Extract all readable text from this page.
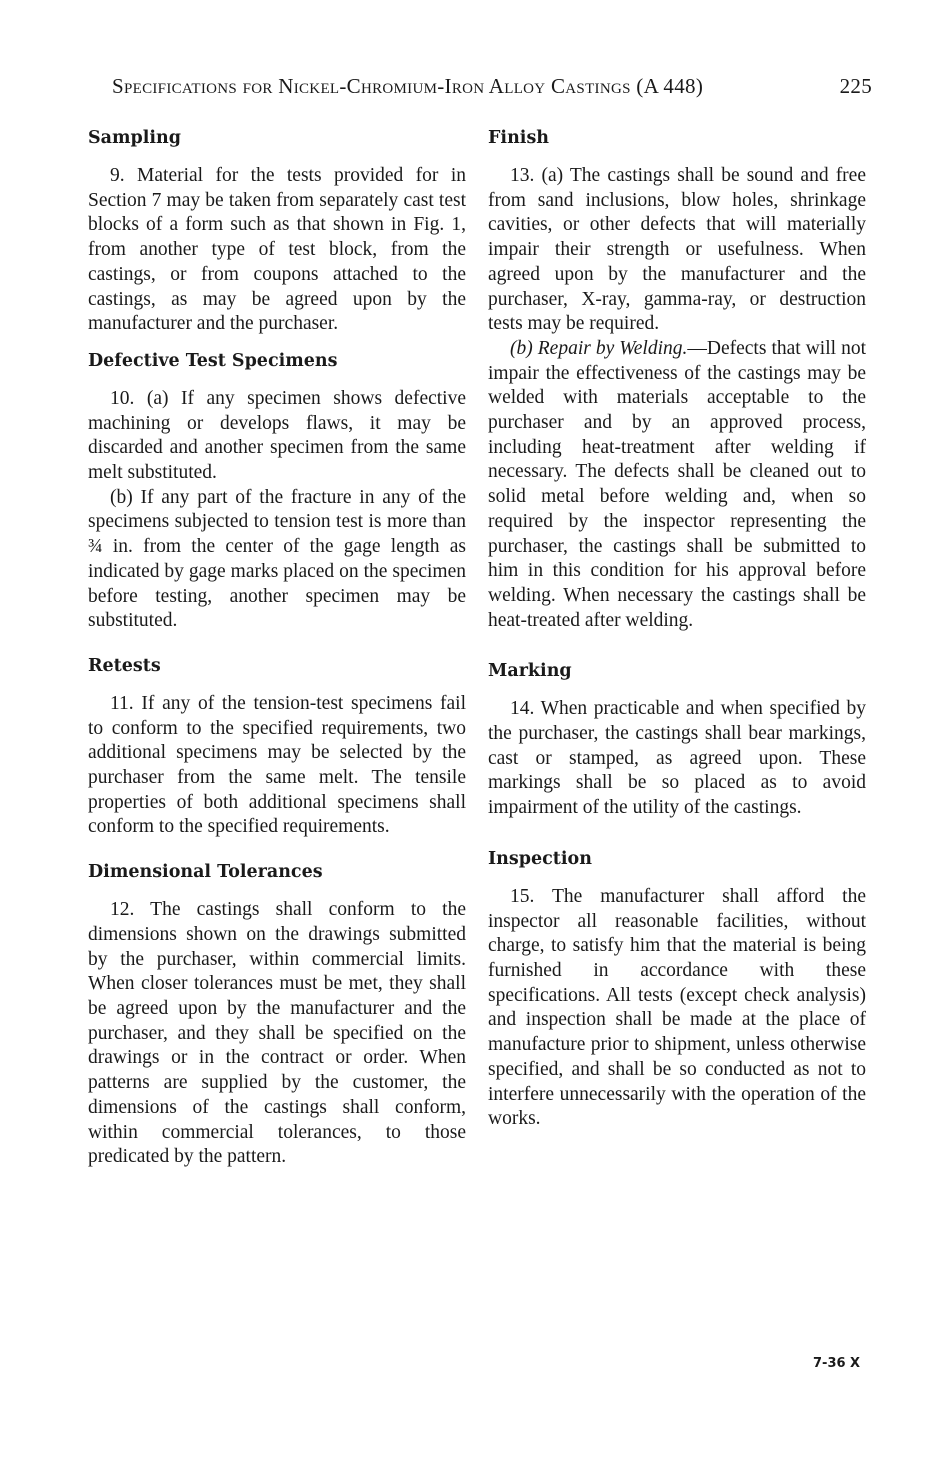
Specifications for Nickel-Chromium-Iron Alloy Castings (A 448)	225
Sampling

9. Material for the tests provided for in Section 7 may be taken from separately cast test blocks of a form such as that shown in Fig. 1, from another type of test block, from the castings, or from coupons attached to the castings, as may be agreed upon by the manufacturer and the purchaser.

Defective Test Specimens

10. (a) If any specimen shows defective machining or develops flaws, it may be discarded and another specimen from the same melt substituted.

(b) If any part of the fracture in any of the specimens subjected to tension test is more than ¾ in. from the center of the gage length as indicated by gage marks placed on the specimen before testing, another specimen may be substituted.

Retests

11. If any of the tension-test specimens fail to conform to the specified requirements, two additional specimens may be selected by the purchaser from the same melt. The tensile properties of both additional specimens shall conform to the specified requirements.

Dimensional Tolerances

12. The castings shall conform to the dimensions shown on the drawings submitted by the purchaser, within commercial limits. When closer tolerances must be met, they shall be agreed upon by the manufacturer and the purchaser, and they shall be specified on the drawings or in the contract or order. When patterns are supplied by the customer, the dimensions of the castings shall conform, within commercial tolerances, to those predicated by the pattern.

Finish

13. (a) The castings shall be sound and free from sand inclusions, blow holes, shrinkage cavities, or other defects that will materially impair their strength or usefulness. When agreed upon by the manufacturer and the purchaser, X-ray, gamma-ray, or destruction tests may be required.

(b) Repair by Welding.—Defects that will not impair the effectiveness of the castings may be welded with materials acceptable to the purchaser and by an approved process, including heat-treatment after welding if necessary. The defects shall be cleaned out to solid metal before welding and, when so required by the inspector representing the purchaser, the castings shall be submitted to him in this condition for his approval before welding. When necessary the castings shall be heat-treated after welding.

Marking

14. When practicable and when specified by the purchaser, the castings shall bear markings, cast or stamped, as agreed upon. These markings shall be so placed as to avoid impairment of the utility of the castings.

Inspection

15. The manufacturer shall afford the inspector all reasonable facilities, without charge, to satisfy him that the material is being furnished in accordance with these specifications. All tests (except check analysis) and inspection shall be made at the place of manufacture prior to shipment, unless otherwise specified, and shall be so conducted as not to interfere unnecessarily with the operation of the works.

7-36 X
